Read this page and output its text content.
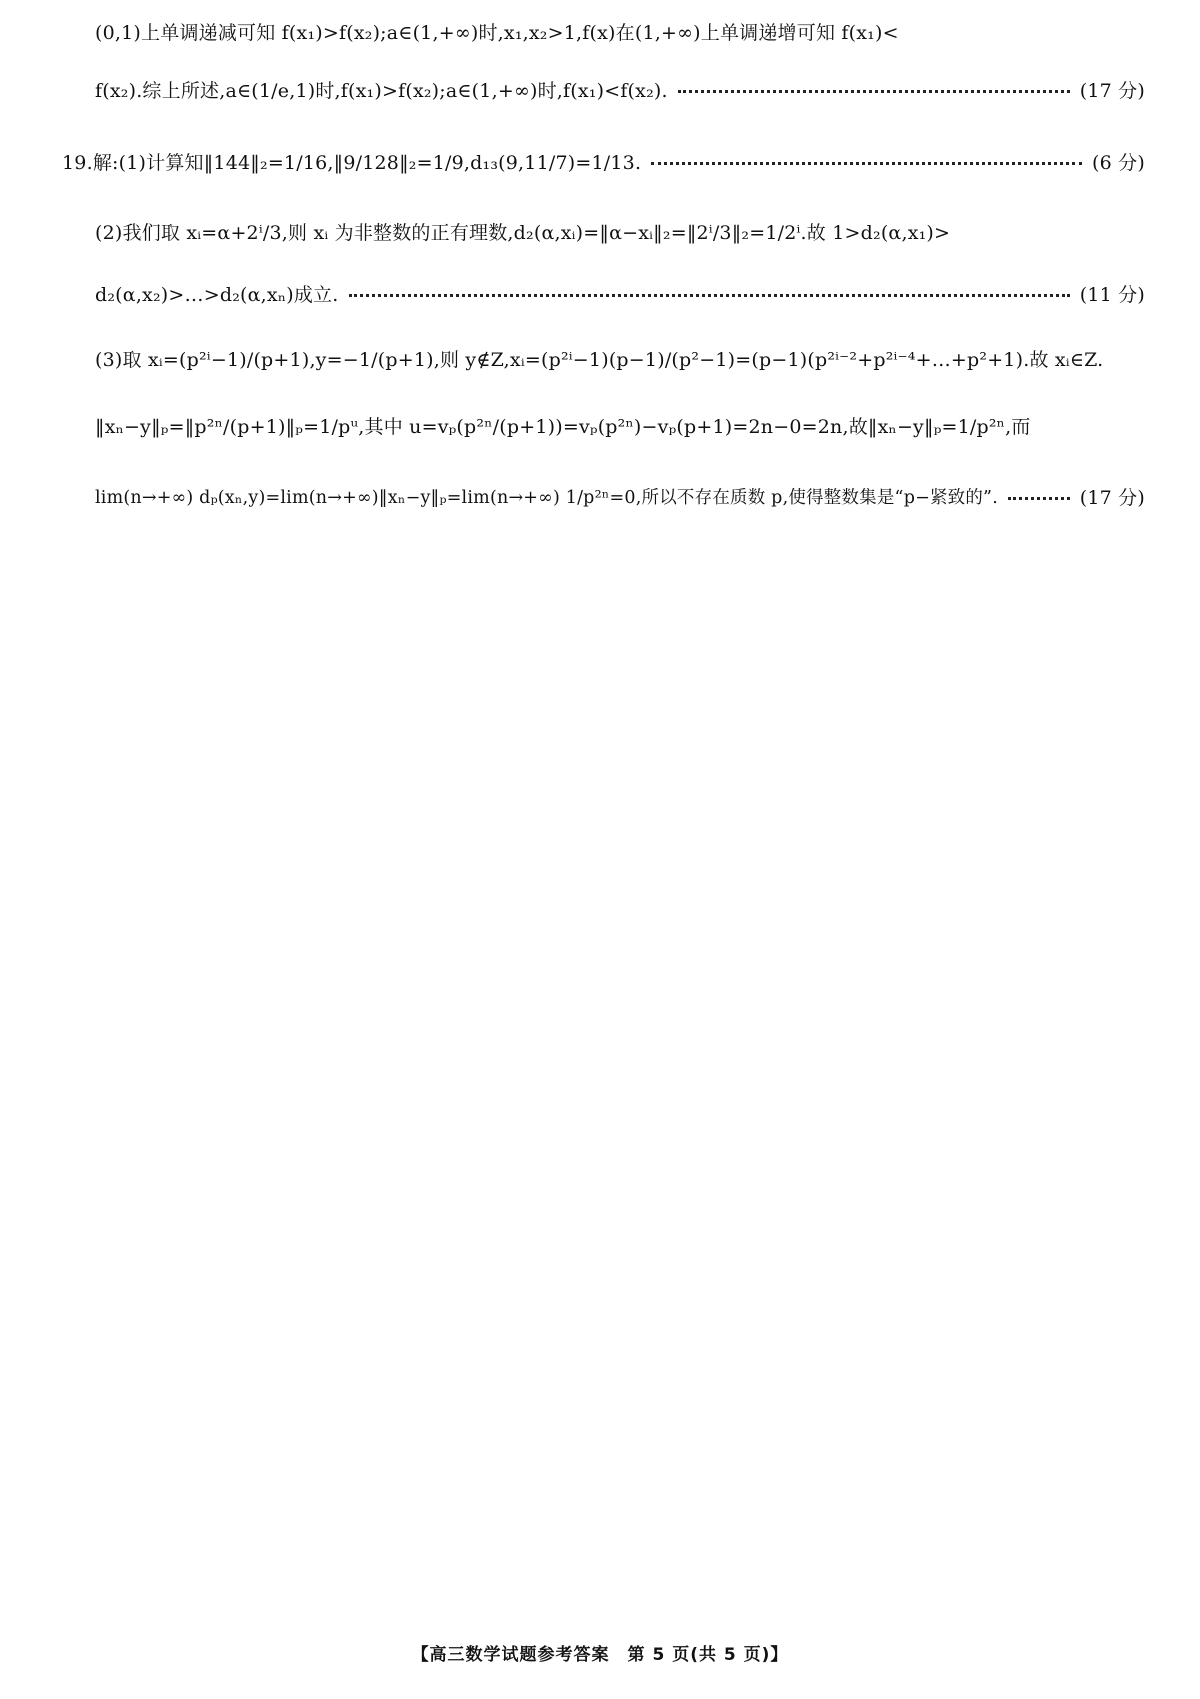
(0,1)上单调递减可知 f(x₁)>f(x₂);a∈(1,+∞)时,x₁,x₂>1,f(x)在(1,+∞)上单调递增可知 f(x₁)<
f(x₂).综上所述,a∈(1/e,1)时,f(x₁)>f(x₂);a∈(1,+∞)时,f(x₁)<f(x₂).	(17 分)
19.解:(1)计算知‖144‖₂=1/16,‖9/128‖₂=1/9,d₁₃(9,11/7)=1/13.	(6 分)
(2)我们取 xᵢ=α+2ⁱ/3,则 xᵢ 为非整数的正有理数,d₂(α,xᵢ)=‖α−xᵢ‖₂=‖2ⁱ/3‖₂=1/2ⁱ.故 1>d₂(α,x₁)>
d₂(α,x₂)>…>d₂(α,xₙ)成立.	(11 分)
(3)取 xᵢ=(p²ⁱ−1)/(p+1),y=−1/(p+1),则 y∉Z,xᵢ=(p²ⁱ−1)(p−1)/(p²−1)=(p−1)(p²ⁱ⁻²+p²ⁱ⁻⁴+…+p²+1).故 xᵢ∈Z.
‖xₙ−y‖ₚ=‖p²ⁿ/(p+1)‖ₚ=1/pᵘ,其中 u=vₚ(p²ⁿ/(p+1))=vₚ(p²ⁿ)−vₚ(p+1)=2n−0=2n,故‖xₙ−y‖ₚ=1/p²ⁿ,而
lim(n→+∞) dₚ(xₙ,y)=lim(n→+∞)‖xₙ−y‖ₚ=lim(n→+∞) 1/p²ⁿ=0,所以不存在质数 p,使得整数集是“p−紧致的”.	(17 分)
【高三数学试题参考答案　第 5 页(共 5 页)】
